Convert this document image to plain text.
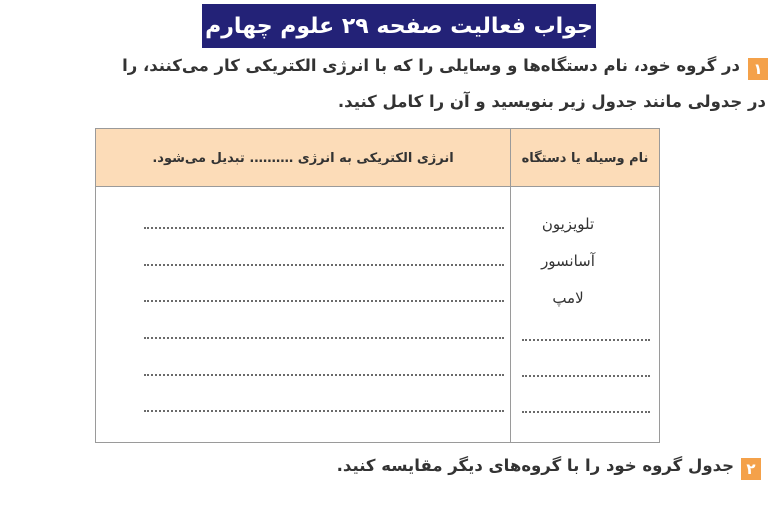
جواب فعالیت صفحه ۲۹ علوم چهارم
۱
در گروه خود، نام دستگاه‌ها و وسایلی را که با انرژی الکتریکی کار می‌کنند، را
در جدولی مانند جدول زیر بنویسید و آن را کامل کنید.
نام وسیله یا دستگاه
انرژی الکتریکی به انرژی ………. تبدیل می‌شود.
تلویزیون
آسانسور
لامپ
۲
جدول گروه خود را با گروه‌های دیگر مقایسه کنید.
